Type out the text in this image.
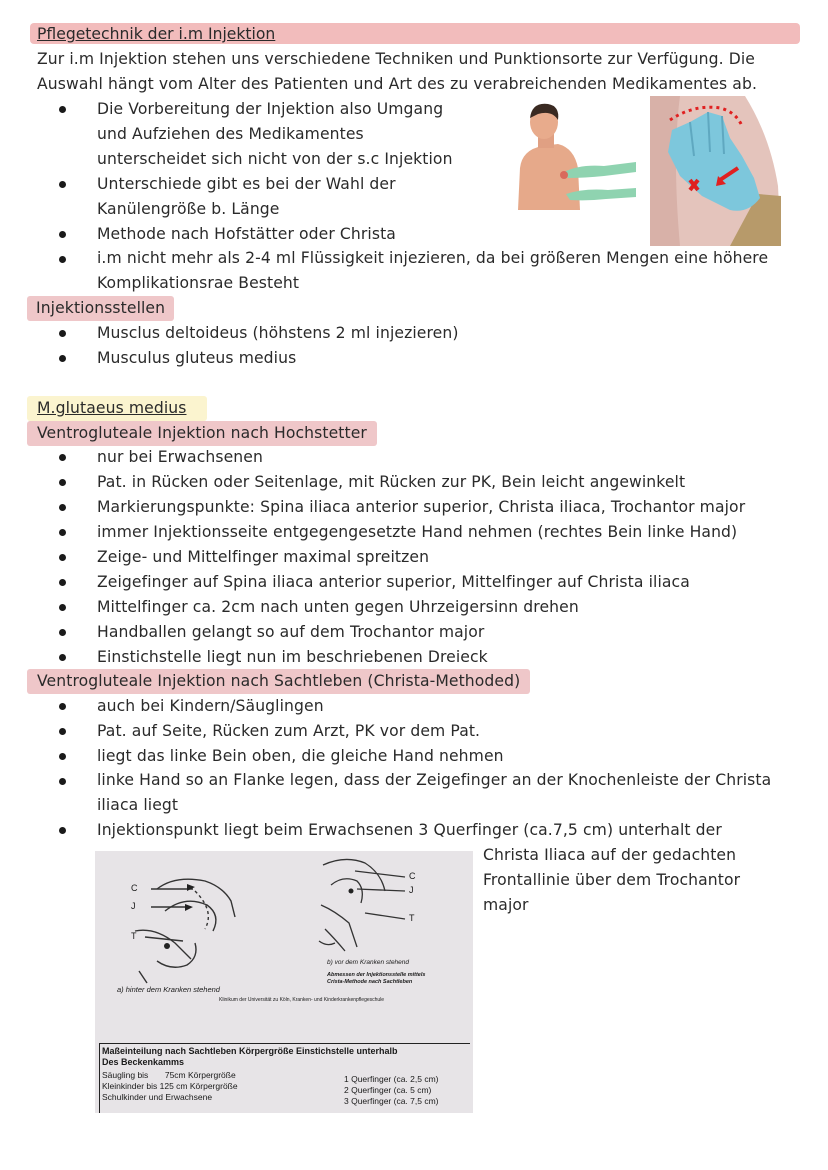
Pflegetechnik der i.m Injektion
Zur i.m Injektion stehen uns verschiedene Techniken und Punktionsorte zur Verfügung. Die
Auswahl hängt vom Alter des Patienten und Art des zu verabreichenden Medikamentes ab.
Die Vorbereitung der Injektion also Umgang
und Aufziehen des Medikamentes
unterscheidet sich nicht von der s.c Injektion
Unterschiede gibt es bei der Wahl der
Kanülengröße b. Länge
Methode nach Hofstätter oder Christa
i.m nicht mehr als 2-4 ml Flüssigkeit injezieren, da bei größeren Mengen eine höhere
Komplikationsrae Besteht
Injektionsstellen
Musclus deltoideus (höhstens 2 ml injezieren)
Musculus gluteus medius
M.glutaeus medius
Ventrogluteale Injektion nach Hochstetter
nur bei Erwachsenen
Pat. in Rücken oder Seitenlage, mit Rücken zur PK, Bein leicht angewinkelt
Markierungspunkte: Spina iliaca anterior superior, Christa iliaca, Trochantor major
immer Injektionsseite entgegengesetzte Hand nehmen (rechtes Bein linke Hand)
Zeige- und Mittelfinger maximal spreitzen
Zeigefinger auf Spina iliaca anterior superior, Mittelfinger auf Christa iliaca
Mittelfinger ca. 2cm nach unten gegen Uhrzeigersinn drehen
Handballen gelangt so auf dem Trochantor major
Einstichstelle liegt nun im beschriebenen Dreieck
Ventrogluteale Injektion nach Sachtleben (Christa-Methoded)
auch bei Kindern/Säuglingen
Pat. auf Seite, Rücken zum Arzt, PK vor dem Pat.
liegt das linke Bein oben, die gleiche Hand nehmen
linke Hand so an Flanke legen, dass der Zeigefinger an der Knochenleiste der Christa
iliaca liegt
Injektionspunkt liegt beim Erwachsenen 3 Querfinger (ca.7,5 cm) unterhalt der
Christa Iliaca auf der gedachten
Frontallinie über dem Trochantor
major
C
J
T
C
J
T
a) hinter dem Kranken stehend
b) vor dem Kranken stehend
Abmessen der Injektionsstelle mittels
Crista-Methode nach Sachtleben
Klinikum der Universität zu Köln, Kranken- und Kinderkrankenpflegeschule
Maßeinteilung nach Sachtleben Körpergröße Einstichstelle unterhalb
Des Beckenkamms
Säugling bis       75cm Körpergröße
Kleinkinder bis 125 cm Körpergröße
Schulkinder und Erwachsene
1 Querfinger (ca. 2,5 cm)
2 Querfinger (ca. 5 cm)
3 Querfinger (ca. 7,5 cm)
